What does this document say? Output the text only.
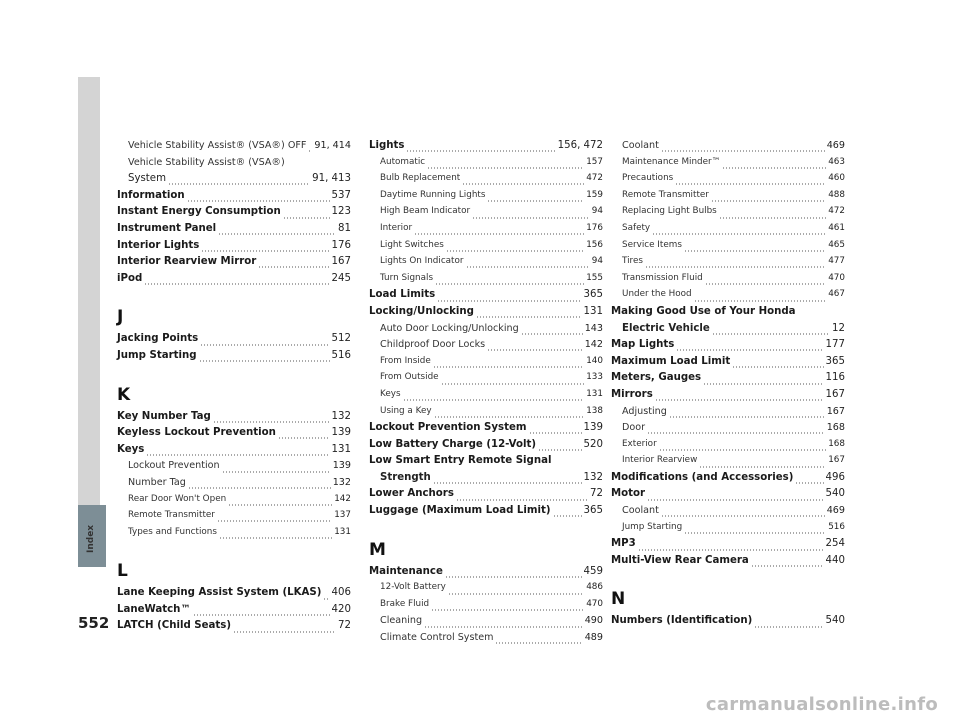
Index
552
Vehicle Stability Assist® (VSA®) OFF 91, 414
Vehicle Stability Assist® (VSA®)
System	91, 413
Information	537
Instant Energy Consumption	123
Instrument Panel	81
Interior Lights	176
Interior Rearview Mirror	167
iPod	245
J
Jacking Points	512
Jump Starting	516
K
Key Number Tag	132
Keyless Lockout Prevention	139
Keys	131
Lockout Prevention	139
Number Tag	132
Rear Door Won't Open	142
Remote Transmitter	137
Types and Functions	131
L
Lane Keeping Assist System (LKAS) 406
LaneWatch™	420
LATCH (Child Seats)	72
Lights	156, 472
Automatic	157
Bulb Replacement	472
Daytime Running Lights	159
High Beam Indicator	94
Interior	176
Light Switches	156
Lights On Indicator	94
Turn Signals	155
Load Limits	365
Locking/Unlocking	131
Auto Door Locking/Unlocking	143
Childproof Door Locks	142
From Inside	140
From Outside	133
Keys	131
Using a Key	138
Lockout Prevention System	139
Low Battery Charge (12-Volt)	520
Low Smart Entry Remote Signal
Strength	132
Lower Anchors	72
Luggage (Maximum Load Limit)	365
M
Maintenance	459
12-Volt Battery	486
Brake Fluid	470
Cleaning	490
Climate Control System	489
Coolant	469
Maintenance Minder™	463
Precautions	460
Remote Transmitter	488
Replacing Light Bulbs	472
Safety	461
Service Items	465
Tires	477
Transmission Fluid	470
Under the Hood	467
Making Good Use of Your Honda
Electric Vehicle	12
Map Lights	177
Maximum Load Limit	365
Meters, Gauges	116
Mirrors	167
Adjusting	167
Door	168
Exterior	168
Interior Rearview	167
Modifications (and Accessories)	496
Motor	540
Coolant	469
Jump Starting	516
MP3	254
Multi-View Rear Camera	440
N
Numbers (Identification)	540
carmanualsonline.info
